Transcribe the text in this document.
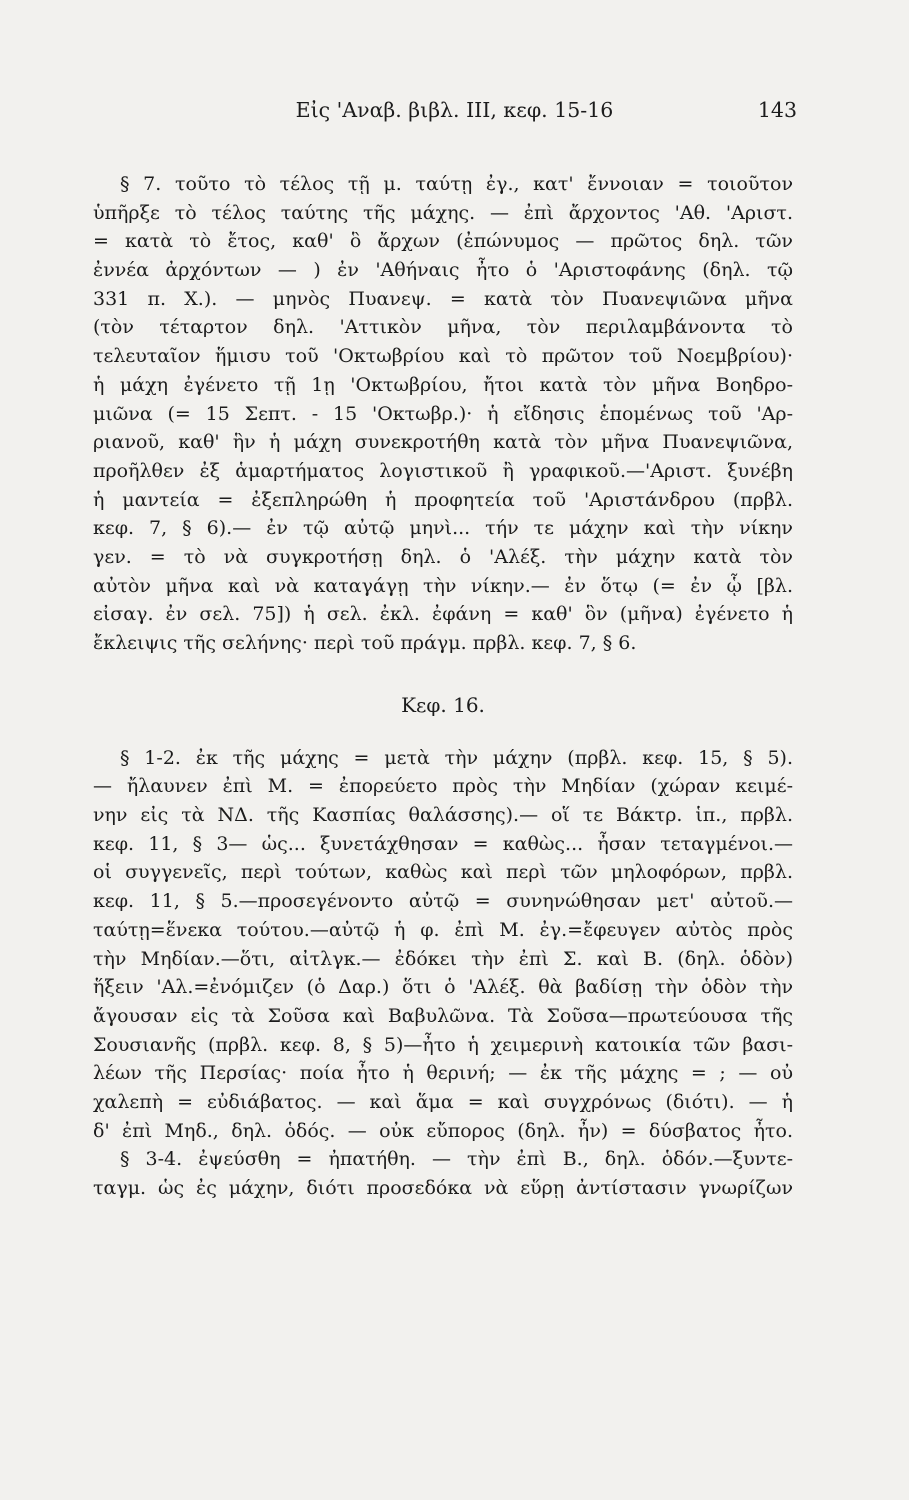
Εἰς 'Αναβ. βιβλ. ΙΙΙ, κεφ. 15-16	143
§ 7. τοῦτο τὸ τέλος τῇ μ. ταύτῃ ἐγ., κατ' ἔννοιαν = τοιοῦτον
ὑπῆρξε τὸ τέλος ταύτης τῆς μάχης. — ἐπὶ ἄρχοντος 'Αθ. 'Αριστ.
= κατὰ τὸ ἔτος, καθ' ὃ ἄρχων (ἐπώνυμος — πρῶτος δηλ. τῶν
ἐννέα ἀρχόντων — ) ἐν 'Αθήναις ἦτο ὁ 'Αριστοφάνης (δηλ. τῷ
331 π. Χ.). — μηνὸς Πυανεψ. = κατὰ τὸν Πυανεψιῶνα μῆνα
(τὸν τέταρτον δηλ. 'Αττικὸν μῆνα, τὸν περιλαμβάνοντα τὸ
τελευταῖον ἥμισυ τοῦ 'Οκτωβρίου καὶ τὸ πρῶτον τοῦ Νοεμβρίου)·
ἡ μάχη ἐγένετο τῇ 1ῃ 'Οκτωβρίου, ἤτοι κατὰ τὸν μῆνα Βοηδρο-
μιῶνα (= 15 Σεπτ. - 15 'Οκτωβρ.)· ἡ εἴδησις ἑπομένως τοῦ 'Αρ-
ριανοῦ, καθ' ἣν ἡ μάχη συνεκροτήθη κατὰ τὸν μῆνα Πυανεψιῶνα,
προῆλθεν ἐξ ἁμαρτήματος λογιστικοῦ ἢ γραφικοῦ.—'Αριστ. ξυνέβη
ἡ μαντεία = ἐξεπληρώθη ἡ προφητεία τοῦ 'Αριστάνδρου (πρβλ.
κεφ. 7, § 6).— ἐν τῷ αὐτῷ μηνὶ... τήν τε μάχην καὶ τὴν νίκην
γεν. = τὸ νὰ συγκροτήσῃ δηλ. ὁ 'Αλέξ. τὴν μάχην κατὰ τὸν
αὐτὸν μῆνα καὶ νὰ καταγάγῃ τὴν νίκην.— ἐν ὅτῳ (= ἐν ᾧ [βλ.
εἰσαγ. ἐν σελ. 75]) ἡ σελ. ἐκλ. ἐφάνη = καθ' ὃν (μῆνα) ἐγένετο ἡ
ἔκλειψις τῆς σελήνης· περὶ τοῦ πράγμ. πρβλ. κεφ. 7, § 6.
Κεφ. 16.
§ 1-2. ἐκ τῆς μάχης = μετὰ τὴν μάχην (πρβλ. κεφ. 15, § 5).
— ἤλαυνεν ἐπὶ Μ. = ἐπορεύετο πρὸς τὴν Μηδίαν (χώραν κειμέ-
νην εἰς τὰ ΝΔ. τῆς Κασπίας θαλάσσης).— οἵ τε Βάκτρ. ἱπ., πρβλ.
κεφ. 11, § 3— ὡς... ξυνετάχθησαν = καθὼς... ἦσαν τεταγμένοι.—
οἱ συγγενεῖς, περὶ τούτων, καθὼς καὶ περὶ τῶν μηλοφόρων, πρβλ.
κεφ. 11, § 5.—προσεγένοντο αὐτῷ = συνηνώθησαν μετ' αὐτοῦ.—
ταύτῃ=ἕνεκα τούτου.—αὐτῷ ἡ φ. ἐπὶ Μ. ἐγ.=ἔφευγεν αὐτὸς πρὸς
τὴν Μηδίαν.—ὅτι, αἰτλγκ.— ἐδόκει τὴν ἐπὶ Σ. καὶ Β. (δηλ. ὁδὸν)
ἥξειν 'Αλ.=ἐνόμιζεν (ὁ Δαρ.) ὅτι ὁ 'Αλέξ. θὰ βαδίσῃ τὴν ὁδὸν τὴν
ἄγουσαν εἰς τὰ Σοῦσα καὶ Βαβυλῶνα. Τὰ Σοῦσα—πρωτεύουσα τῆς
Σουσιανῆς (πρβλ. κεφ. 8, § 5)—ἦτο ἡ χειμερινὴ κατοικία τῶν βασι-
λέων τῆς Περσίας· ποία ἦτο ἡ θερινή; — ἐκ τῆς μάχης = ; — οὐ
χαλεπὴ = εὐδιάβατος. — καὶ ἅμα = καὶ συγχρόνως (διότι). — ἡ
δ' ἐπὶ Μηδ., δηλ. ὁδός. — οὐκ εὔπορος (δηλ. ἦν) = δύσβατος ἦτο.
§ 3-4. ἐψεύσθη = ἠπατήθη. — τὴν ἐπὶ Β., δηλ. ὁδόν.—ξυντε-
ταγμ. ὡς ἐς μάχην, διότι προσεδόκα νὰ εὕρῃ ἀντίστασιν γνωρίζων
